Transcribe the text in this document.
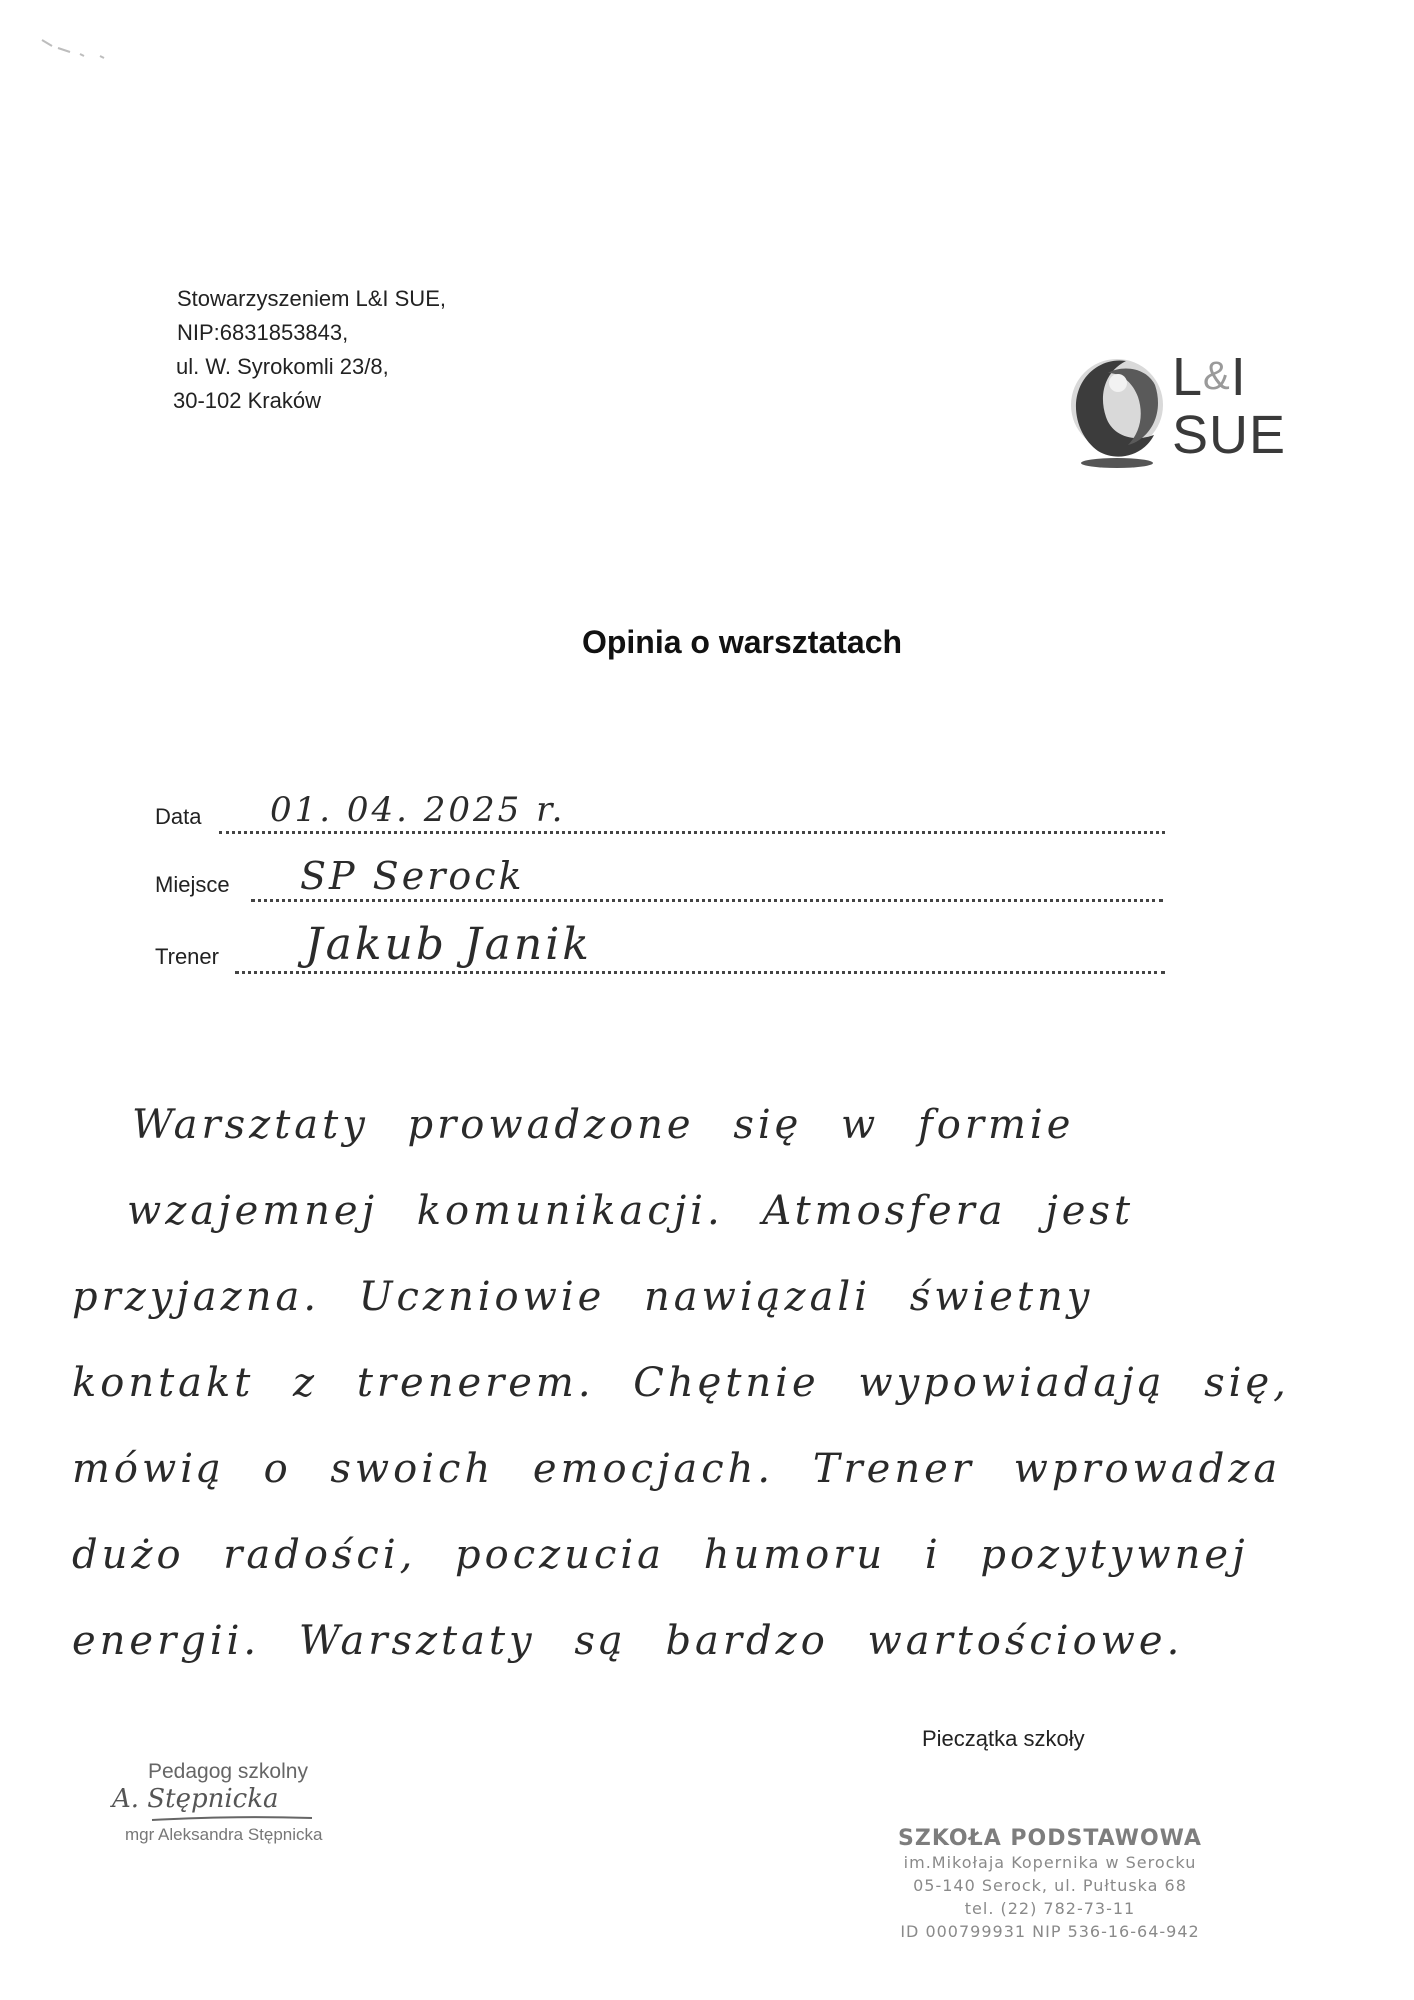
Stowarzyszeniem L&I SUE,
NIP:6831853843,
ul. W. Syrokomli 23/8,
30-102 Kraków	L&I
SUE
Opinia o warsztatach
Data 01. 04. 2025 r.
Miejsce SP Serock
Trener Jakub Janik
Warsztaty prowadzone się w formie
wzajemnej komunikacji. Atmosfera jest
przyjazna. Uczniowie nawiązali świetny
kontakt z trenerem. Chętnie wypowiadają się,
mówią o swoich emocjach. Trener wprowadza
dużo radości, poczucia humoru i pozytywnej
energii. Warsztaty są bardzo wartościowe.
Pieczątka szkoły
Pedagog szkolny
A. Stępnicka
mgr Aleksandra Stępnicka	SZKOŁA PODSTAWOWA
im.Mikołaja Kopernika w Serocku
05-140 Serock, ul. Pułtuska 68
tel. (22) 782-73-11
ID 000799931 NIP 536-16-64-942
